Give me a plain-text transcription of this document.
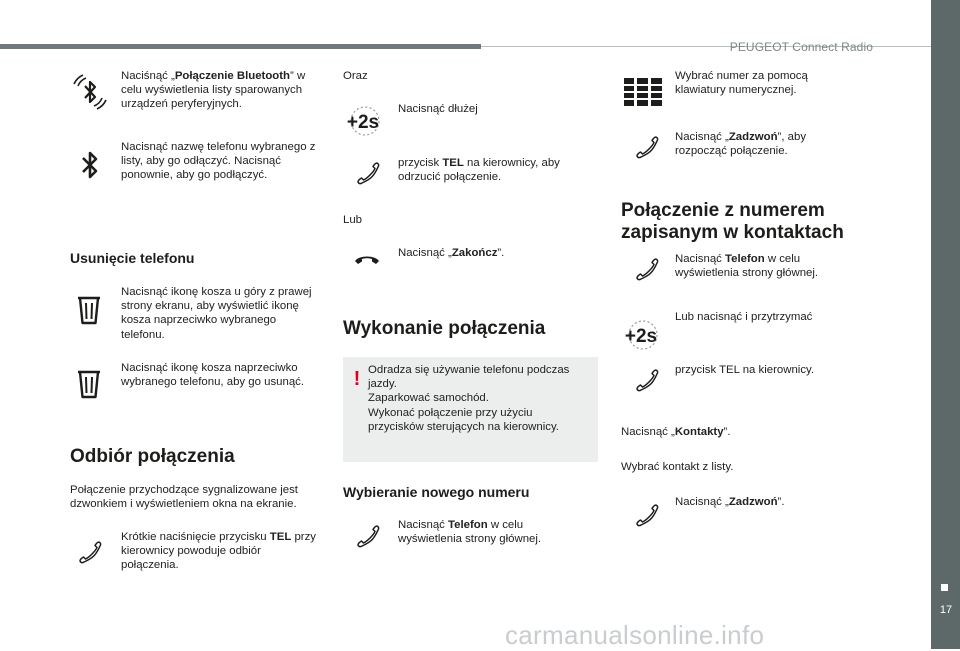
PEUGEOT Connect Radio
17
carmanualsonline.info
Naciśnąć „Połączenie Bluetooth” w celu wyświetlenia listy sparowanych urządzeń peryferyjnych.
Nacisnąć nazwę telefonu wybranego z listy, aby go odłączyć. Nacisnąć ponownie, aby go podłączyć.
Usunięcie telefonu
Nacisnąć ikonę kosza u góry z prawej strony ekranu, aby wyświetlić ikonę kosza naprzeciwko wybranego telefonu.
Nacisnąć ikonę kosza naprzeciwko wybranego telefonu, aby go usunąć.
Odbiór połączenia
Połączenie przychodzące sygnalizowane jest dzwonkiem i wyświetleniem okna na ekranie.
Krótkie naciśnięcie przycisku TEL przy kierownicy powoduje odbiór połączenia.
Oraz
+2s
Nacisnąć dłużej
przycisk TEL na kierownicy, aby odrzucić połączenie.
Lub
Nacisnąć „Zakończ”.
Wykonanie połączenia
! Odradza się używanie telefonu podczas jazdy.
Zaparkować samochód.
Wykonać połączenie przy użyciu przycisków sterujących na kierownicy.
Wybieranie nowego numeru
Nacisnąć Telefon w celu wyświetlenia strony głównej.
Wybrać numer za pomocą klawiatury numerycznej.
Nacisnąć „Zadzwoń”, aby rozpocząć połączenie.
Połączenie z numerem zapisanym w kontaktach
Nacisnąć Telefon w celu wyświetlenia strony głównej.
+2s
Lub nacisnąć i przytrzymać
przycisk TEL na kierownicy.
Nacisnąć „Kontakty”.
Wybrać kontakt z listy.
Nacisnąć „Zadzwoń”.
